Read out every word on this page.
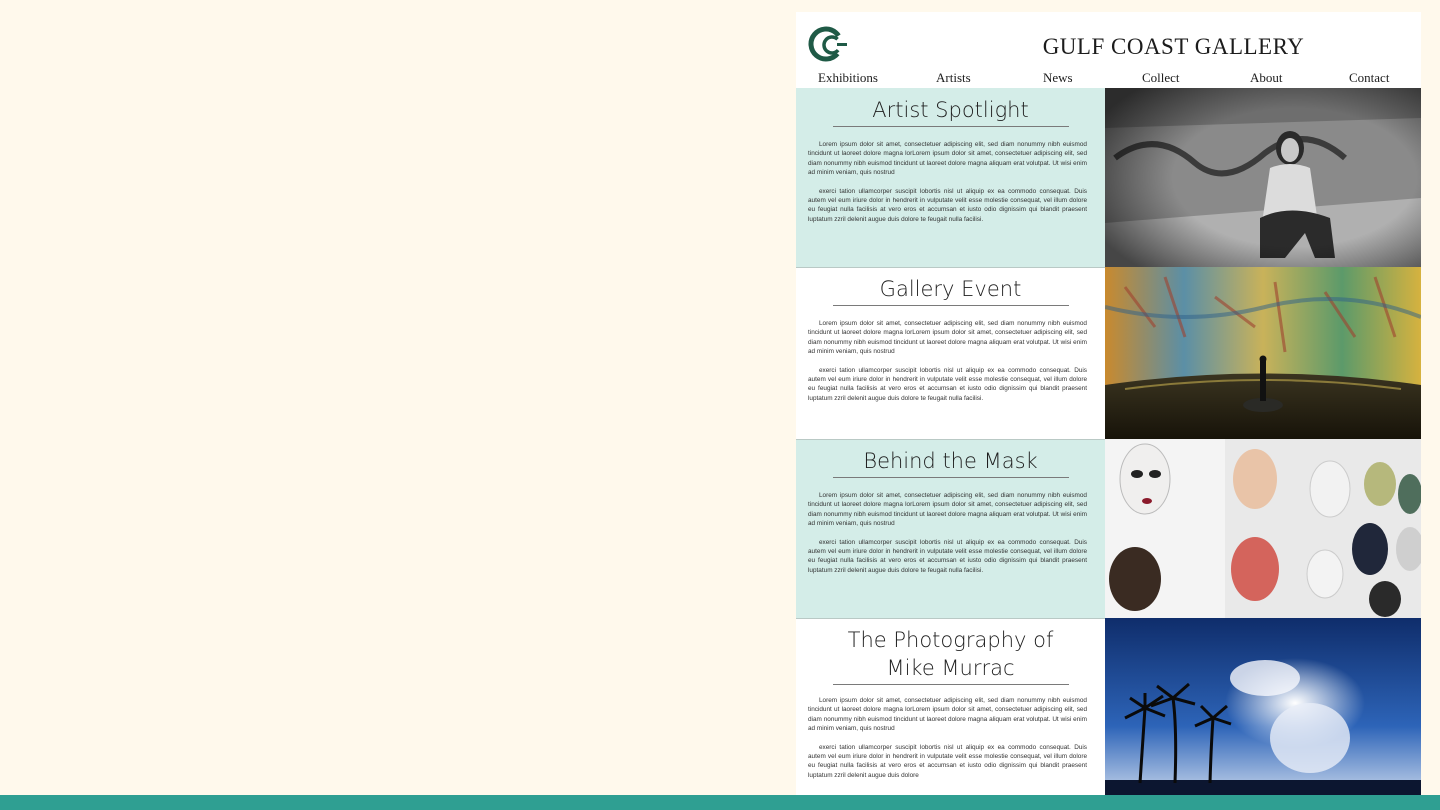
GULF COAST GALLERY
Exhibitions	Artists	News	Collect	About	Contact
Artist Spotlight

Lorem ipsum dolor sit amet, consectetuer adipiscing elit, sed diam nonummy nibh euismod tincidunt ut laoreet dolore magna lorLorem ipsum dolor sit amet, consectetuer adipiscing elit, sed diam nonummy nibh euismod tincidunt ut laoreet dolore magna aliquam erat volutpat. Ut wisi enim ad minim veniam, quis nostrud

exerci tation ullamcorper suscipit lobortis nisl ut aliquip ex ea commodo consequat. Duis autem vel eum iriure dolor in hendrerit in vulputate velit esse molestie consequat, vel illum dolore eu feugiat nulla facilisis at vero eros et accumsan et iusto odio dignissim qui blandit praesent luptatum zzril delenit augue duis dolore te feugait nulla facilisi.

Gallery Event

Lorem ipsum dolor sit amet, consectetuer adipiscing elit, sed diam nonummy nibh euismod tincidunt ut laoreet dolore magna lorLorem ipsum dolor sit amet, consectetuer adipiscing elit, sed diam nonummy nibh euismod tincidunt ut laoreet dolore magna aliquam erat volutpat. Ut wisi enim ad minim veniam, quis nostrud

exerci tation ullamcorper suscipit lobortis nisl ut aliquip ex ea commodo consequat. Duis autem vel eum iriure dolor in hendrerit in vulputate velit esse molestie consequat, vel illum dolore eu feugiat nulla facilisis at vero eros et accumsan et iusto odio dignissim qui blandit praesent luptatum zzril delenit augue duis dolore te feugait nulla facilisi.

Behind the Mask

Lorem ipsum dolor sit amet, consectetuer adipiscing elit, sed diam nonummy nibh euismod tincidunt ut laoreet dolore magna lorLorem ipsum dolor sit amet, consectetuer adipiscing elit, sed diam nonummy nibh euismod tincidunt ut laoreet dolore magna aliquam erat volutpat. Ut wisi enim ad minim veniam, quis nostrud

exerci tation ullamcorper suscipit lobortis nisl ut aliquip ex ea commodo consequat. Duis autem vel eum iriure dolor in hendrerit in vulputate velit esse molestie consequat, vel illum dolore eu feugiat nulla facilisis at vero eros et accumsan et iusto odio dignissim qui blandit praesent luptatum zzril delenit augue duis dolore te feugait nulla facilisi.

The Photography of
Mike Murrac

Lorem ipsum dolor sit amet, consectetuer adipiscing elit, sed diam nonummy nibh euismod tincidunt ut laoreet dolore magna lorLorem ipsum dolor sit amet, consectetuer adipiscing elit, sed diam nonummy nibh euismod tincidunt ut laoreet dolore magna aliquam erat volutpat. Ut wisi enim ad minim veniam, quis nostrud

exerci tation ullamcorper suscipit lobortis nisl ut aliquip ex ea commodo consequat. Duis autem vel eum iriure dolor in hendrerit in vulputate velit esse molestie consequat, vel illum dolore eu feugiat nulla facilisis at vero eros et accumsan et iusto odio dignissim qui blandit praesent luptatum zzril delenit augue duis dolore
